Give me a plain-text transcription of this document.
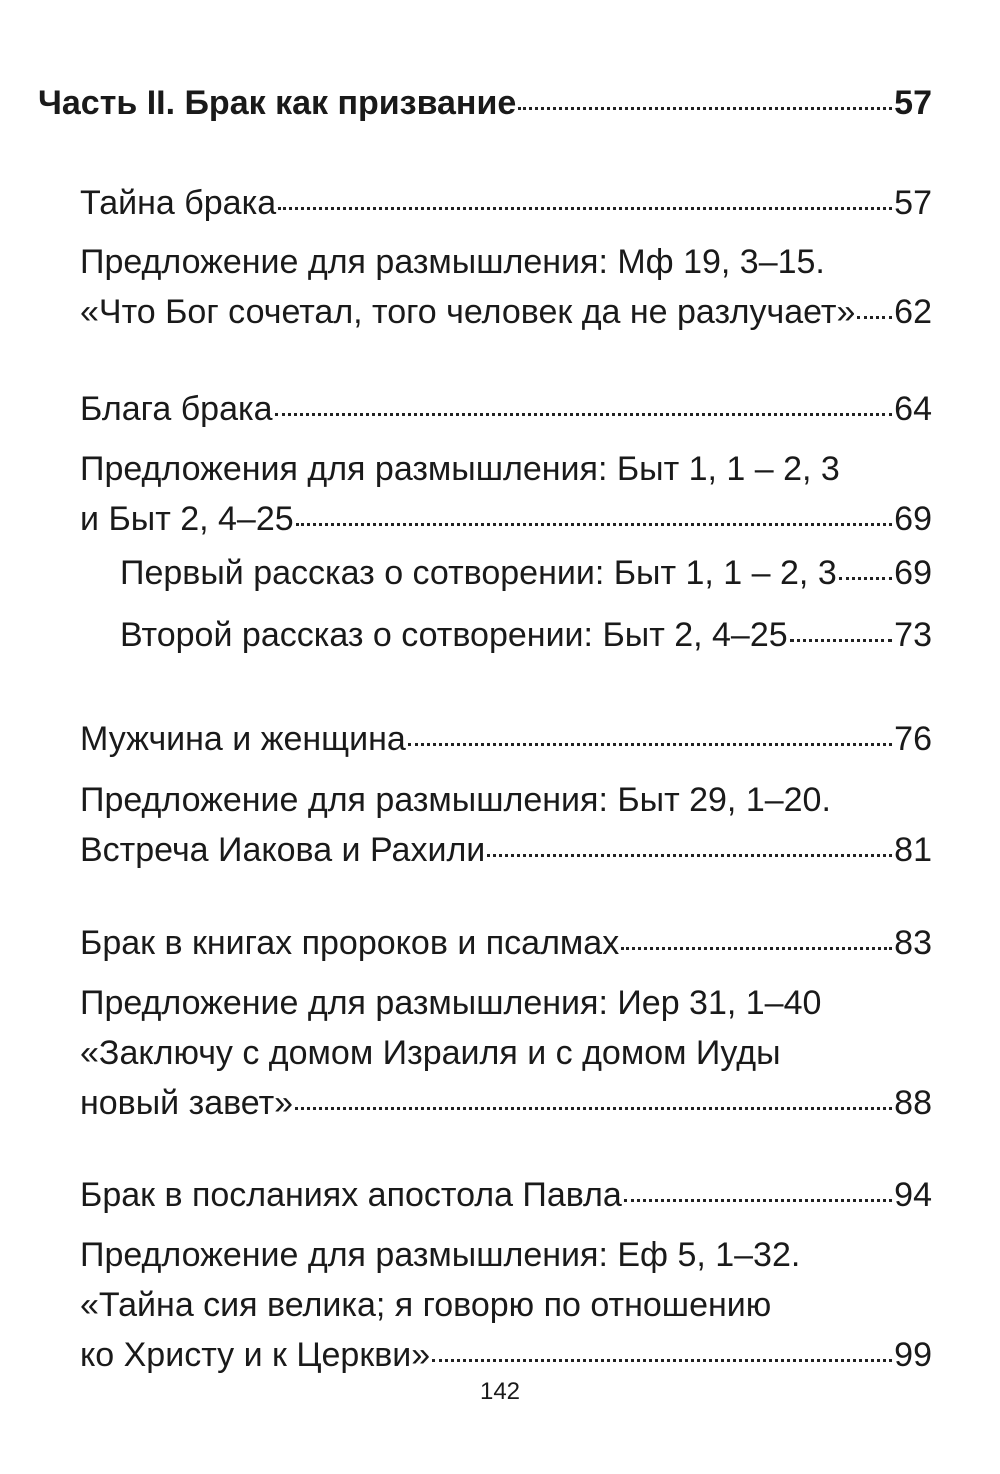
Часть II. Брак как призвание	57
Тайна брака	57
Предложение для размышления: Мф 19, 3–15.
«Что Бог сочетал, того человек да не разлучает» 62
Блага брака	64
Предложения для размышления: Быт 1, 1 – 2, 3
и Быт 2, 4–25	69
Первый рассказ о сотворении: Быт 1, 1 – 2, 3 69
Второй рассказ о сотворении: Быт 2, 4–25	73
Мужчина и женщина	76
Предложение для размышления: Быт 29, 1–20.
Встреча Иакова и Рахили	81
Брак в книгах пророков и псалмах	83
Предложение для размышления: Иер 31, 1–40
«Заключу с домом Израиля и с домом Иуды
новый завет»	88
Брак в посланиях апостола Павла	94
Предложение для размышления: Еф 5, 1–32.
«Тайна сия велика; я говорю по отношению
ко Христу и к Церкви»	99
142
